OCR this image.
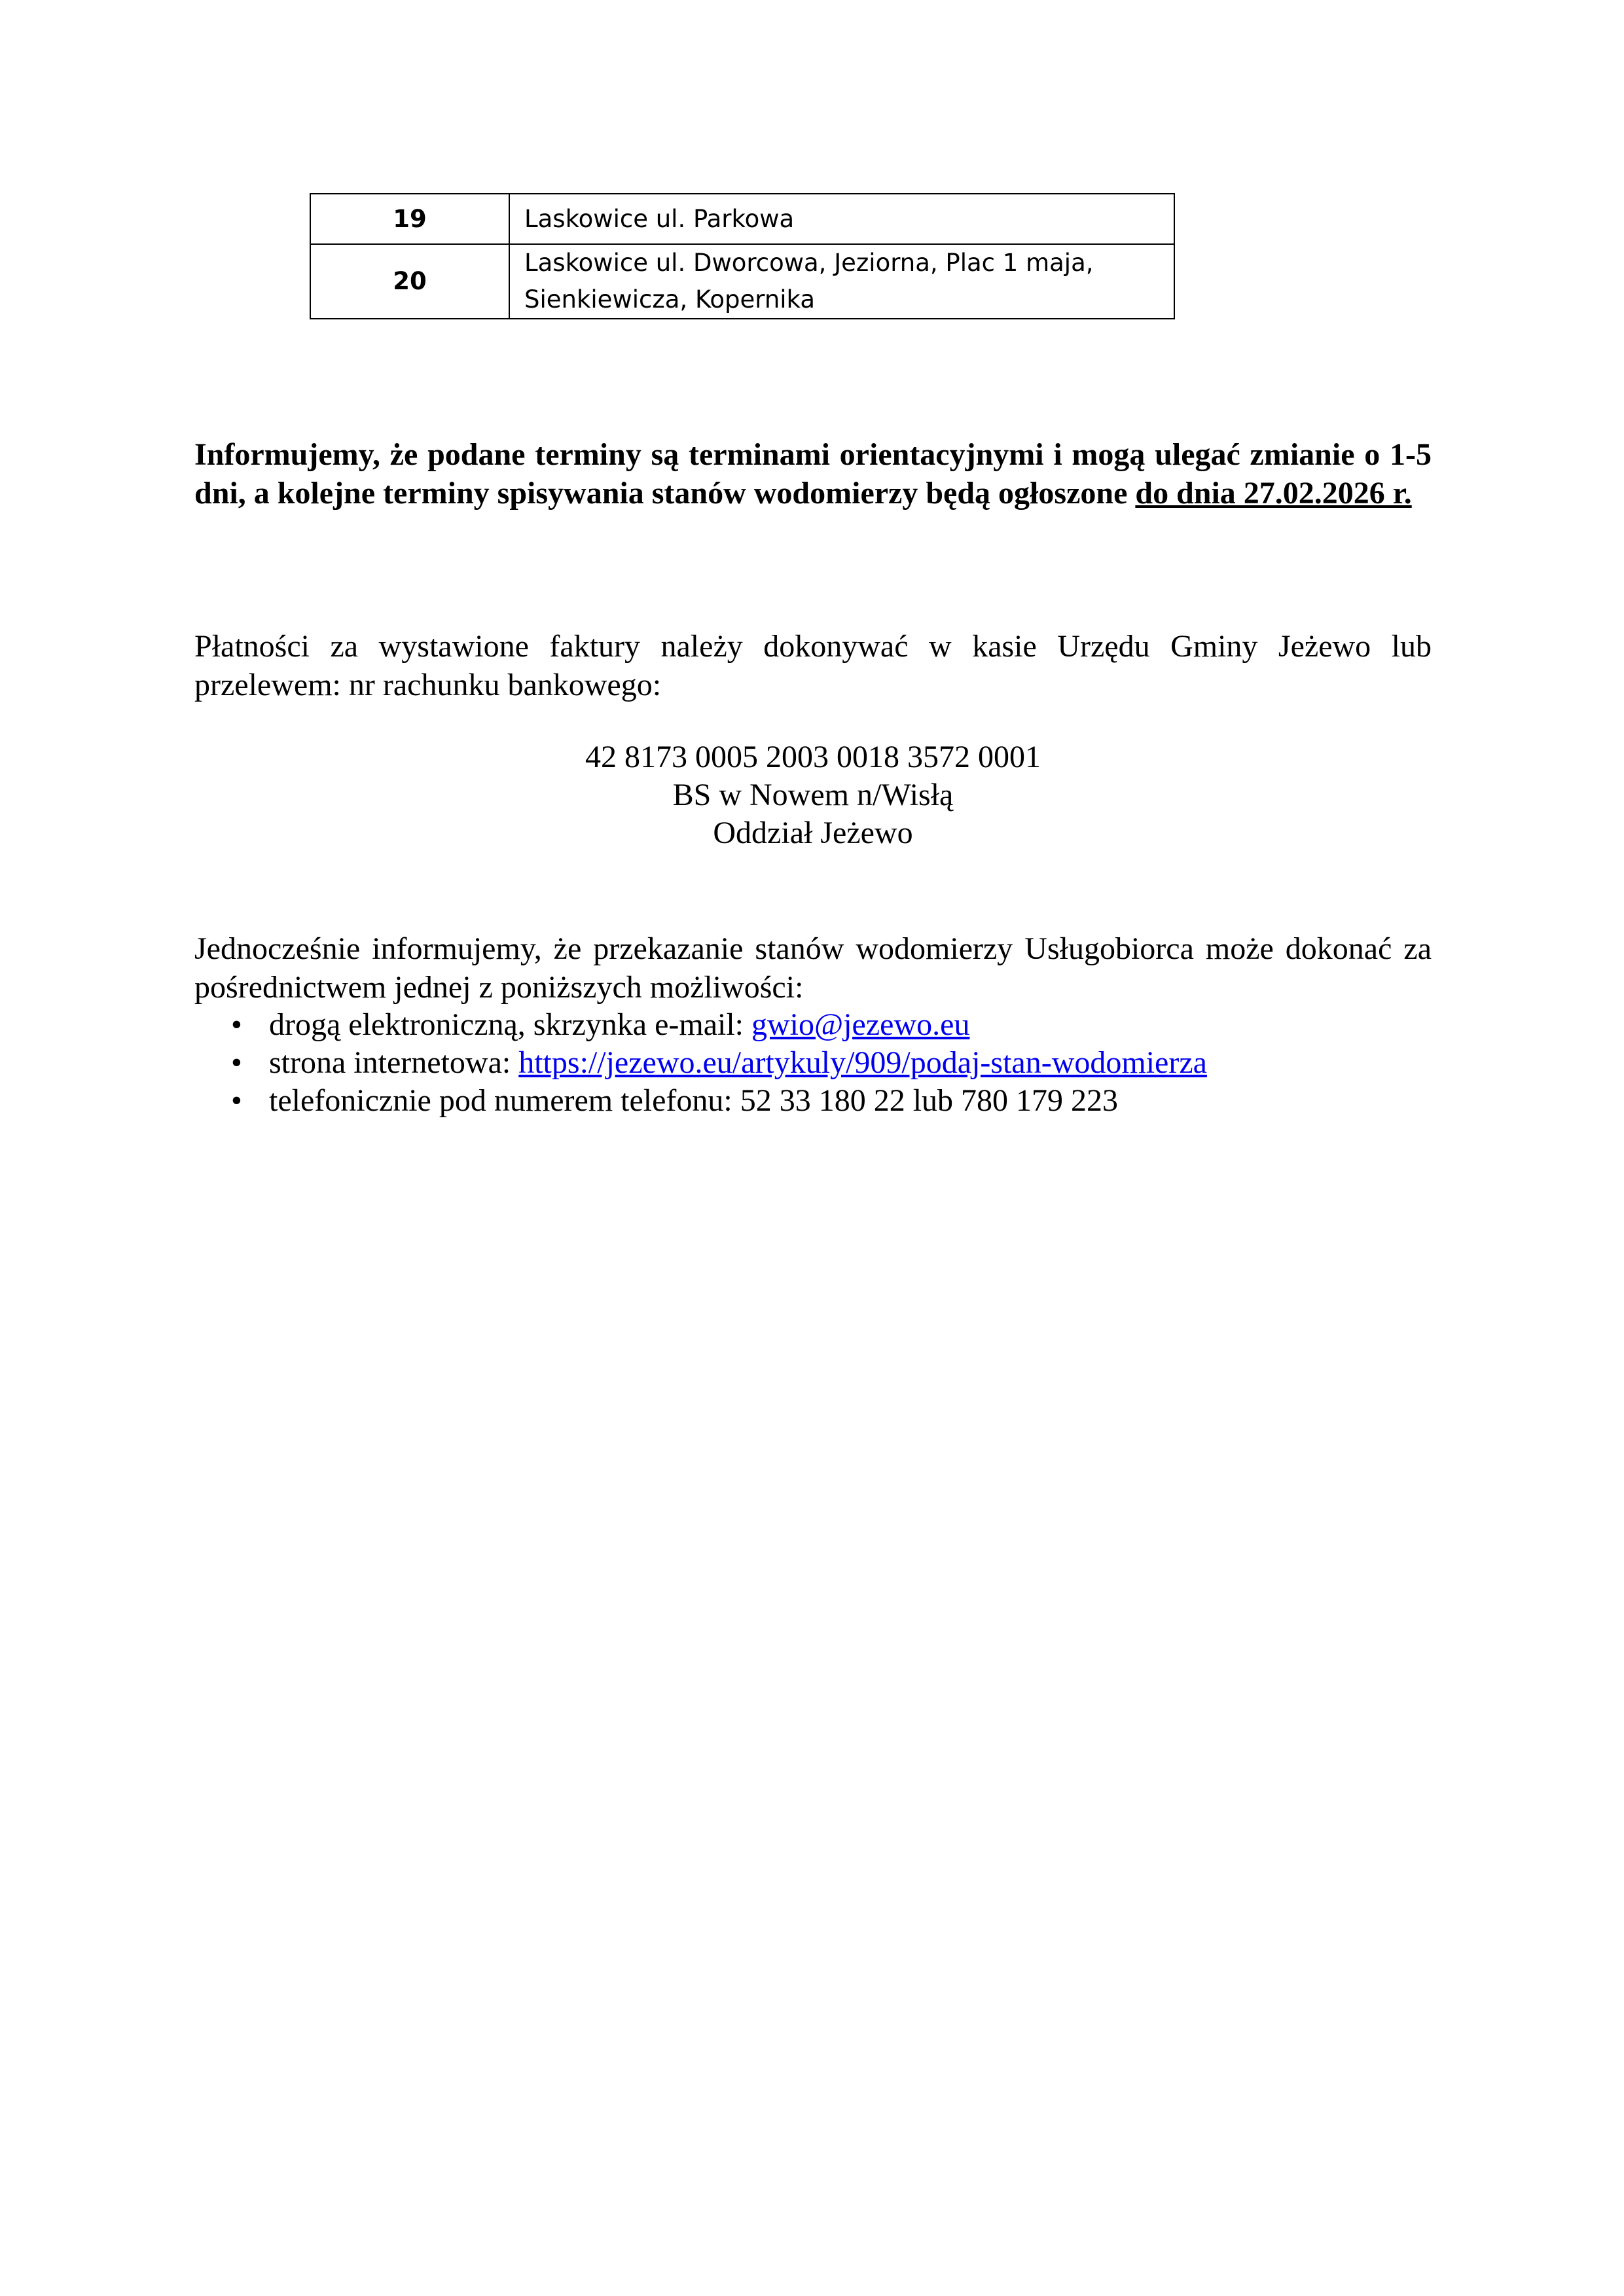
19	Laskowice ul. Parkowa
20	Laskowice ul. Dworcowa, Jeziorna, Plac 1 maja,
Sienkiewicza, Kopernika
Informujemy, że podane terminy są terminami orientacyjnymi i mogą ulegać zmianie o 1-5 dni, a kolejne terminy spisywania stanów wodomierzy będą ogłoszone do dnia 27.02.2026 r.
Płatności za wystawione faktury należy dokonywać w kasie Urzędu Gminy Jeżewo lub przelewem: nr rachunku bankowego:
42 8173 0005 2003 0018 3572 0001
BS w Nowem n/Wisłą
Oddział Jeżewo
Jednocześnie informujemy, że przekazanie stanów wodomierzy Usługobiorca może dokonać za pośrednictwem jednej z poniższych możliwości:
• drogą elektroniczną, skrzynka e-mail: gwio@jezewo.eu
• strona internetowa: https://jezewo.eu/artykuly/909/podaj-stan-wodomierza
• telefonicznie pod numerem telefonu: 52 33 180 22 lub 780 179 223
